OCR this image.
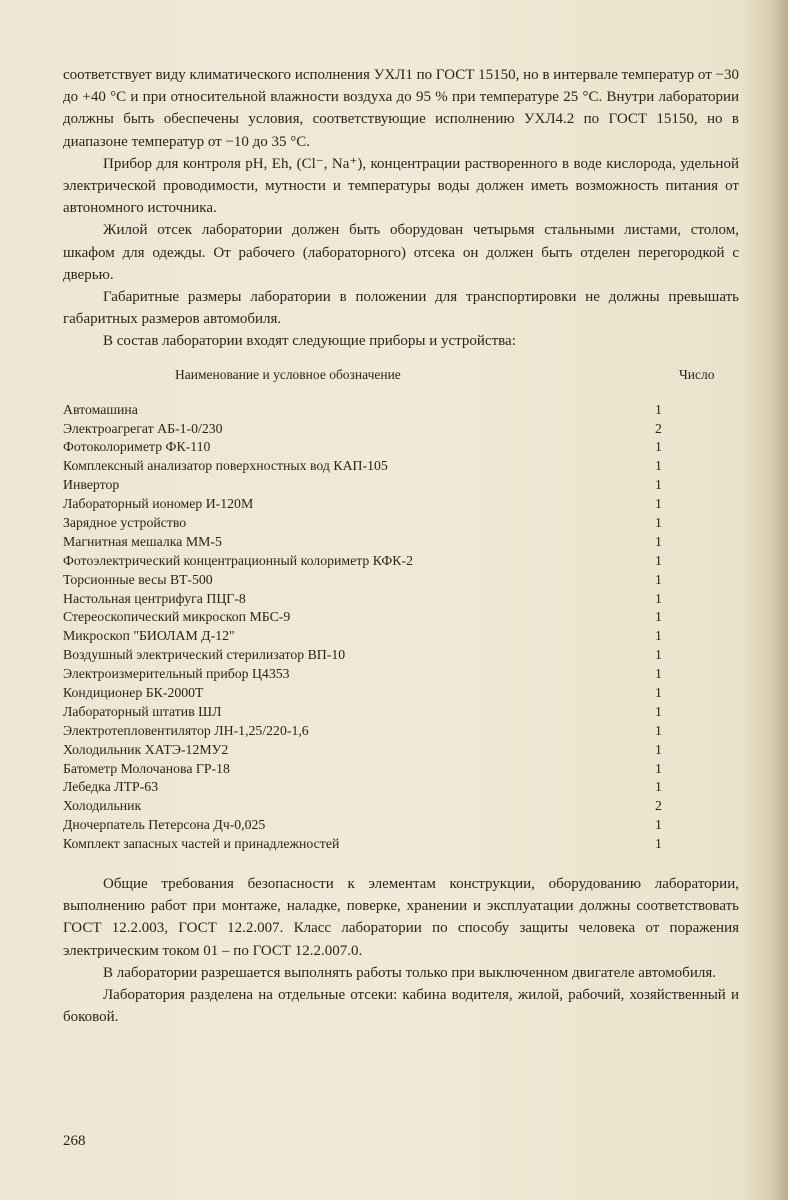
соответствует виду климатического исполнения УХЛ1 по ГОСТ 15150, но в интервале температур от −30 до +40 °С и при относительной влажности воздуха до 95 % при температуре 25 °С. Внутри лаборатории должны быть обеспечены условия, соответствующие исполнению УХЛ4.2 по ГОСТ 15150, но в диапазоне температур от −10 до 35 °С.

Прибор для контроля рН, Eh, (Cl⁻, Na⁺), концентрации растворенного в воде кислорода, удельной электрической проводимости, мутности и температуры воды должен иметь возможность питания от автономного источника.

Жилой отсек лаборатории должен быть оборудован четырьмя стальными листами, столом, шкафом для одежды. От рабочего (лабораторного) отсека он должен быть отделен перегородкой с дверью.

Габаритные размеры лаборатории в положении для транспортировки не должны превышать габаритных размеров автомобиля.

В состав лаборатории входят следующие приборы и устройства:

Наименование и условное обозначение	Число
Автомашина	1
Электроагрегат АБ-1-0/230	2
Фотоколориметр ФК-110	1
Комплексный анализатор поверхностных вод КАП-105	1
Инвертор	1
Лабораторный иономер И-120М	1
Зарядное устройство	1
Магнитная мешалка ММ-5	1
Фотоэлектрический концентрационный колориметр КФК-2	1
Торсионные весы ВТ-500	1
Настольная центрифуга ПЦГ-8	1
Стереоскопический микроскоп МБС-9	1
Микроскоп "БИОЛАМ Д-12"	1
Воздушный электрический стерилизатор ВП-10	1
Электроизмерительный прибор Ц4353	1
Кондиционер БК-2000Т	1
Лабораторный штатив ШЛ	1
Электротепловентилятор ЛН-1,25/220-1,6	1
Холодильник ХАТЭ-12МУ2	1
Батометр Молочанова ГР-18	1
Лебедка ЛТР-63	1
Холодильник	2
Дночерпатель Петерсона Дч-0,025	1
Комплект запасных частей и принадлежностей	1

Общие требования безопасности к элементам конструкции, оборудованию лаборатории, выполнению работ при монтаже, наладке, поверке, хранении и эксплуатации должны соответствовать ГОСТ 12.2.003, ГОСТ 12.2.007. Класс лаборатории по способу защиты человека от поражения электрическим током 01 – по ГОСТ 12.2.007.0.

В лаборатории разрешается выполнять работы только при выключенном двигателе автомобиля.

Лаборатория разделена на отдельные отсеки: кабина водителя, жилой, рабочий, хозяйственный и боковой.

268
